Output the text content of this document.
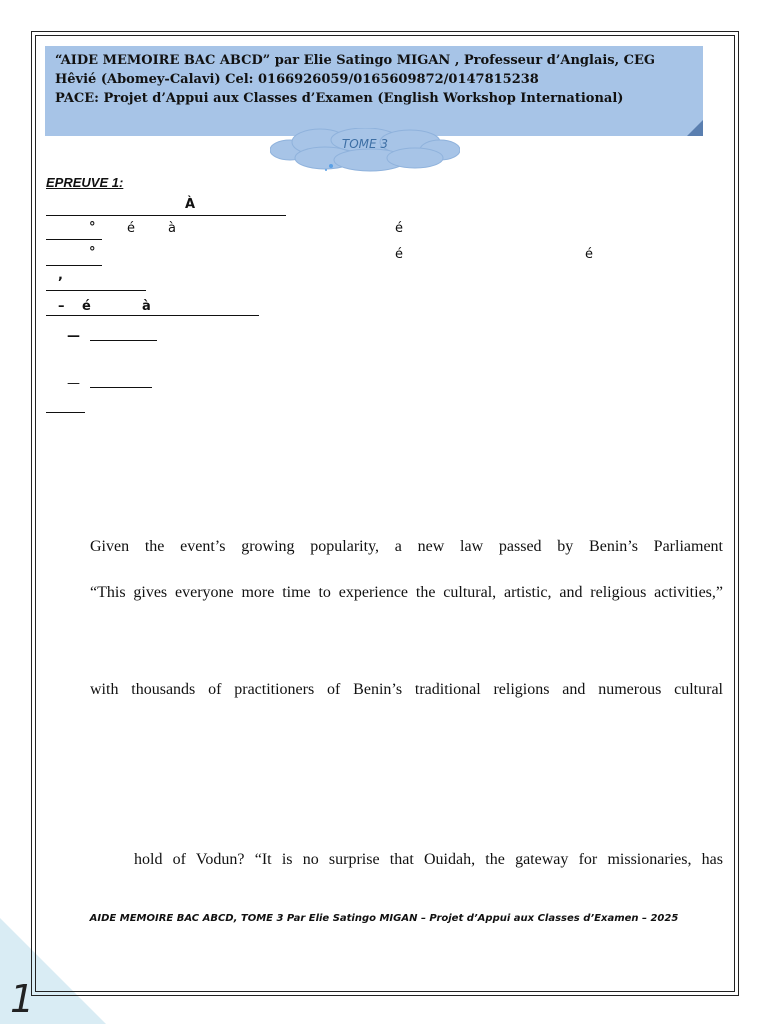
1
“AIDE MEMOIRE BAC ABCD” par Elie Satingo MIGAN , Professeur d’Anglais, CEG
Hêvié (Abomey-Calavi) Cel: 0166926059/0165609872/0147815238
PACE: Projet d’Appui aux Classes d’Examen (English Workshop International)
TOME 3
EPREUVE 1:
À
° é	à	é
°	é	é
,
– é	à
—
—
Given the event’s growing popularity, a new law passed by Benin’s Parliament
“This gives everyone more time to experience the cultural, artistic, and religious activities,”
with thousands of practitioners of Benin’s traditional religions and numerous cultural
hold of Vodun? “It is no surprise that Ouidah, the gateway for missionaries, has
AIDE MEMOIRE BAC ABCD, TOME 3 Par Elie Satingo MIGAN – Projet d’Appui aux Classes d’Examen – 2025
